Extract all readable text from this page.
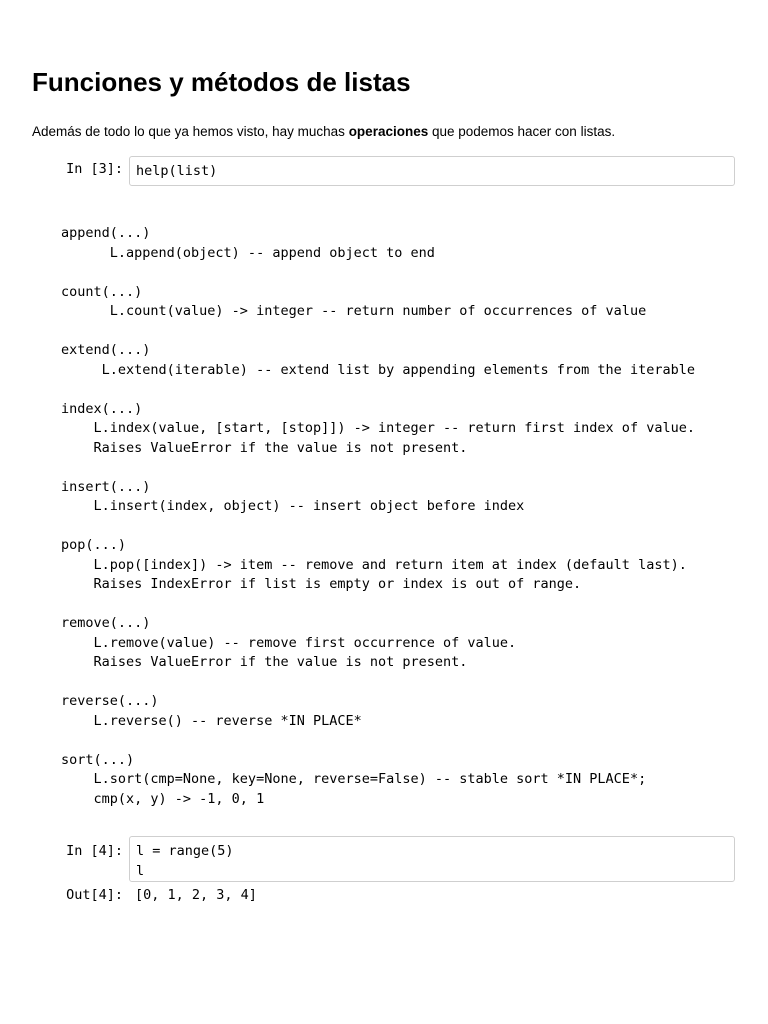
Funciones y métodos de listas

Además de todo lo que ya hemos visto, hay muchas operaciones que podemos hacer con listas.

In [3]: help(list)
append(...)
L.append(object) -- append object to end

count(...)
L.count(value) -> integer -- return number of occurrences of value

extend(...)
L.extend(iterable) -- extend list by appending elements from the iterable

index(...)
L.index(value, [start, [stop]]) -> integer -- return first index of value.
Raises ValueError if the value is not present.

insert(...)
L.insert(index, object) -- insert object before index

pop(...)
L.pop([index]) -> item -- remove and return item at index (default last).
Raises IndexError if list is empty or index is out of range.

remove(...)
L.remove(value) -- remove first occurrence of value.
Raises ValueError if the value is not present.

reverse(...)
L.reverse() -- reverse *IN PLACE*

sort(...)
L.sort(cmp=None, key=None, reverse=False) -- stable sort *IN PLACE*;
cmp(x, y) -> -1, 0, 1
In [4]: l = range(5)
l
Out[4]: [0, 1, 2, 3, 4]
